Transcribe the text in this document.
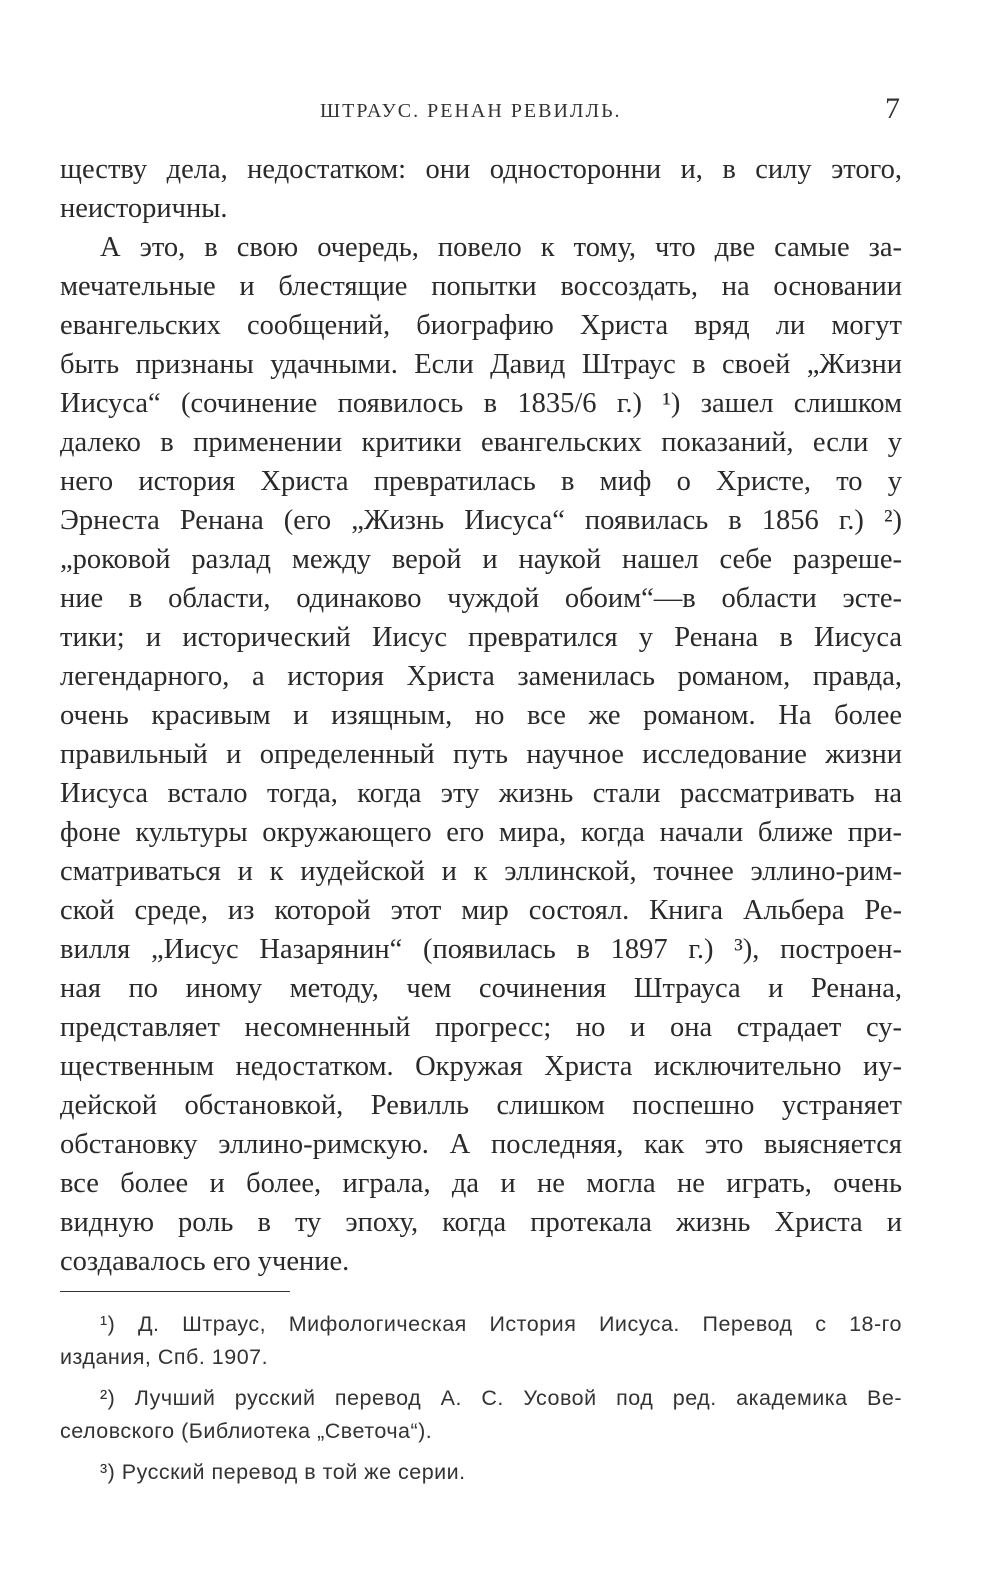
ШТРАУС. РЕНАН РЕВИЛЛЬ.	7
ществу дела, недостатком: они односторонни и, в силу этого,
неисторичны.
А это, в свою очередь, повело к тому, что две самые за-
мечательные и блестящие попытки воссоздать, на основании
евангельских сообщений, биографию Христа вряд ли могут
быть признаны удачными. Если Давид Штраус в своей „Жизни
Иисуса“ (сочинение появилось в 1835/6 г.) ¹) зашел слишком
далеко в применении критики евангельских показаний, если у
него история Христа превратилась в миф о Христе, то у
Эрнеста Ренана (его „Жизнь Иисуса“ появилась в 1856 г.) ²)
„роковой разлад между верой и наукой нашел себе разреше-
ние в области, одинаково чуждой обоим“—в области эсте-
тики; и исторический Иисус превратился у Ренана в Иисуса
легендарного, а история Христа заменилась романом, правда,
очень красивым и изящным, но все же романом. На более
правильный и определенный путь научное исследование жизни
Иисуса встало тогда, когда эту жизнь стали рассматривать на
фоне культуры окружающего его мира, когда начали ближе при-
сматриваться и к иудейской и к эллинской, точнее эллино-рим-
ской среде, из которой этот мир состоял. Книга Альбера Ре-
вилля „Иисус Назарянин“ (появилась в 1897 г.) ³), построен-
ная по иному методу, чем сочинения Штрауса и Ренана,
представляет несомненный прогресс; но и она страдает су-
щественным недостатком. Окружая Христа исключительно иу-
дейской обстановкой, Ревилль слишком поспешно устраняет
обстановку эллино-римскую. А последняя, как это выясняется
все более и более, играла, да и не могла не играть, очень
видную роль в ту эпоху, когда протекала жизнь Христа и
создавалось его учение.
¹) Д. Штраус, Мифологическая История Иисуса. Перевод с 18-го
издания, Спб. 1907.
²) Лучший русский перевод А. С. Усовой под ред. академика Ве-
селовского (Библиотека „Светоча“).
³) Русский перевод в той же серии.
